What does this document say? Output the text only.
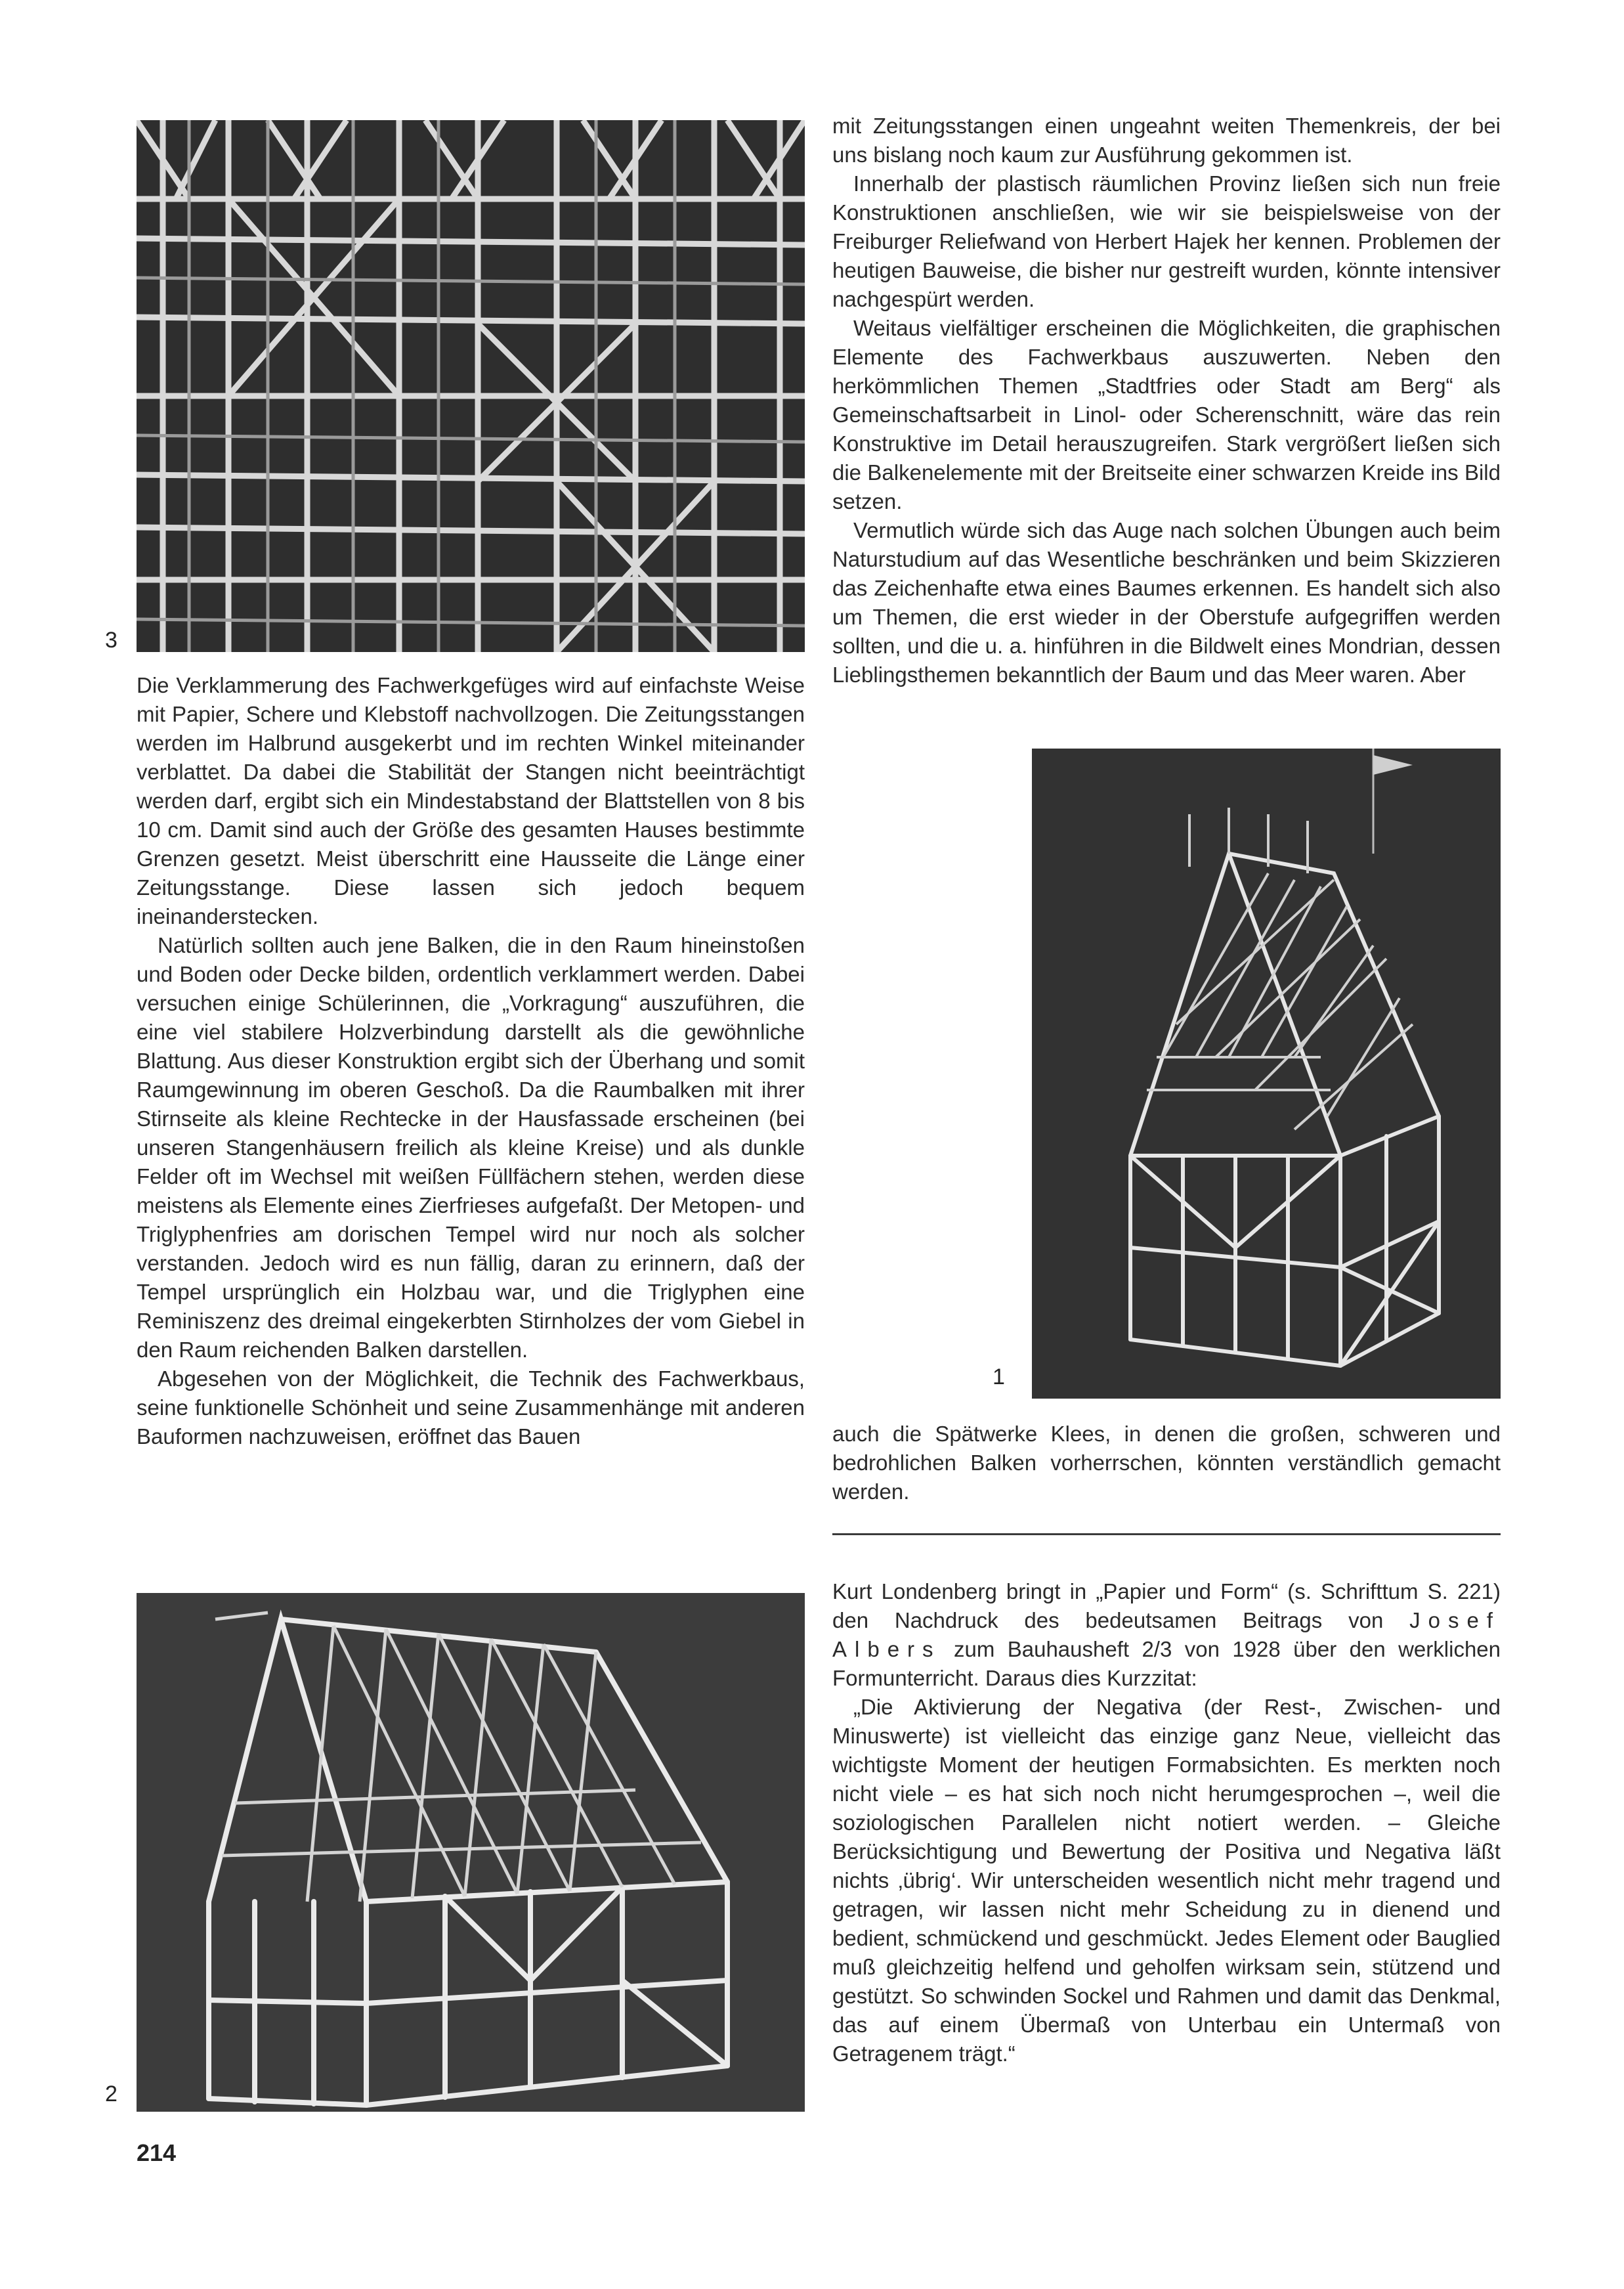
3

Die Verklammerung des Fachwerkgefüges wird auf einfachste Weise mit Papier, Schere und Klebstoff nachvollzogen. Die Zeitungsstangen werden im Halbrund ausgekerbt und im rechten Winkel miteinander verblattet. Da dabei die Stabilität der Stangen nicht beeinträchtigt werden darf, ergibt sich ein Mindestabstand der Blattstellen von 8 bis 10 cm. Damit sind auch der Größe des gesamten Hauses bestimmte Grenzen gesetzt. Meist überschritt eine Hausseite die Länge einer Zeitungsstange. Diese lassen sich jedoch bequem ineinanderstecken.

Natürlich sollten auch jene Balken, die in den Raum hineinstoßen und Boden oder Decke bilden, ordentlich verklammert werden. Dabei versuchen einige Schülerinnen, die „Vorkragung“ auszuführen, die eine viel stabilere Holzverbindung darstellt als die gewöhnliche Blattung. Aus dieser Konstruktion ergibt sich der Überhang und somit Raumgewinnung im oberen Geschoß. Da die Raumbalken mit ihrer Stirnseite als kleine Rechtecke in der Hausfassade erscheinen (bei unseren Stangenhäusern freilich als kleine Kreise) und als dunkle Felder oft im Wechsel mit weißen Füllfächern stehen, werden diese meistens als Elemente eines Zierfrieses aufgefaßt. Der Metopen- und Triglyphenfries am dorischen Tempel wird nur noch als solcher verstanden. Jedoch wird es nun fällig, daran zu erinnern, daß der Tempel ursprünglich ein Holzbau war, und die Triglyphen eine Reminiszenz des dreimal eingekerbten Stirnholzes der vom Giebel in den Raum reichenden Balken darstellen.

Abgesehen von der Möglichkeit, die Technik des Fachwerkbaus, seine funktionelle Schönheit und seine Zusammenhänge mit anderen Bauformen nachzuweisen, eröffnet das Bauen

mit Zeitungsstangen einen ungeahnt weiten Themenkreis, der bei uns bislang noch kaum zur Ausführung gekommen ist.

Innerhalb der plastisch räumlichen Provinz ließen sich nun freie Konstruktionen anschließen, wie wir sie beispielsweise von der Freiburger Reliefwand von Herbert Hajek her kennen. Problemen der heutigen Bauweise, die bisher nur gestreift wurden, könnte intensiver nachgespürt werden.

Weitaus vielfältiger erscheinen die Möglichkeiten, die graphischen Elemente des Fachwerkbaus auszuwerten. Neben den herkömmlichen Themen „Stadtfries oder Stadt am Berg“ als Gemeinschaftsarbeit in Linol- oder Scherenschnitt, wäre das rein Konstruktive im Detail herauszugreifen. Stark vergrößert ließen sich die Balkenelemente mit der Breitseite einer schwarzen Kreide ins Bild setzen.

Vermutlich würde sich das Auge nach solchen Übungen auch beim Naturstudium auf das Wesentliche beschränken und beim Skizzieren das Zeichenhafte etwa eines Baumes erkennen. Es handelt sich also um Themen, die erst wieder in der Oberstufe aufgegriffen werden sollten, und die u. a. hinführen in die Bildwelt eines Mondrian, dessen Lieblingsthemen bekanntlich der Baum und das Meer waren. Aber

1

auch die Spätwerke Klees, in denen die großen, schweren und bedrohlichen Balken vorherrschen, könnten verständlich gemacht werden.

Kurt Londenberg bringt in „Papier und Form“ (s. Schrifttum S. 221) den Nachdruck des bedeutsamen Beitrags von Josef Albers zum Bauhausheft 2/3 von 1928 über den werklichen Formunterricht. Daraus dies Kurzzitat:

„Die Aktivierung der Negativa (der Rest-, Zwischen- und Minuswerte) ist vielleicht das einzige ganz Neue, vielleicht das wichtigste Moment der heutigen Formabsichten. Es merkten noch nicht viele – es hat sich noch nicht herumgesprochen –, weil die soziologischen Parallelen nicht notiert werden. – Gleiche Berücksichtigung und Bewertung der Positiva und Negativa läßt nichts ‚übrig‘. Wir unterscheiden wesentlich nicht mehr tragend und getragen, wir lassen nicht mehr Scheidung zu in dienend und bedient, schmückend und geschmückt. Jedes Element oder Bauglied muß gleichzeitig helfend und geholfen wirksam sein, stützend und gestützt. So schwinden Sockel und Rahmen und damit das Denkmal, das auf einem Übermaß von Unterbau ein Untermaß von Getragenem trägt.“

2
214
